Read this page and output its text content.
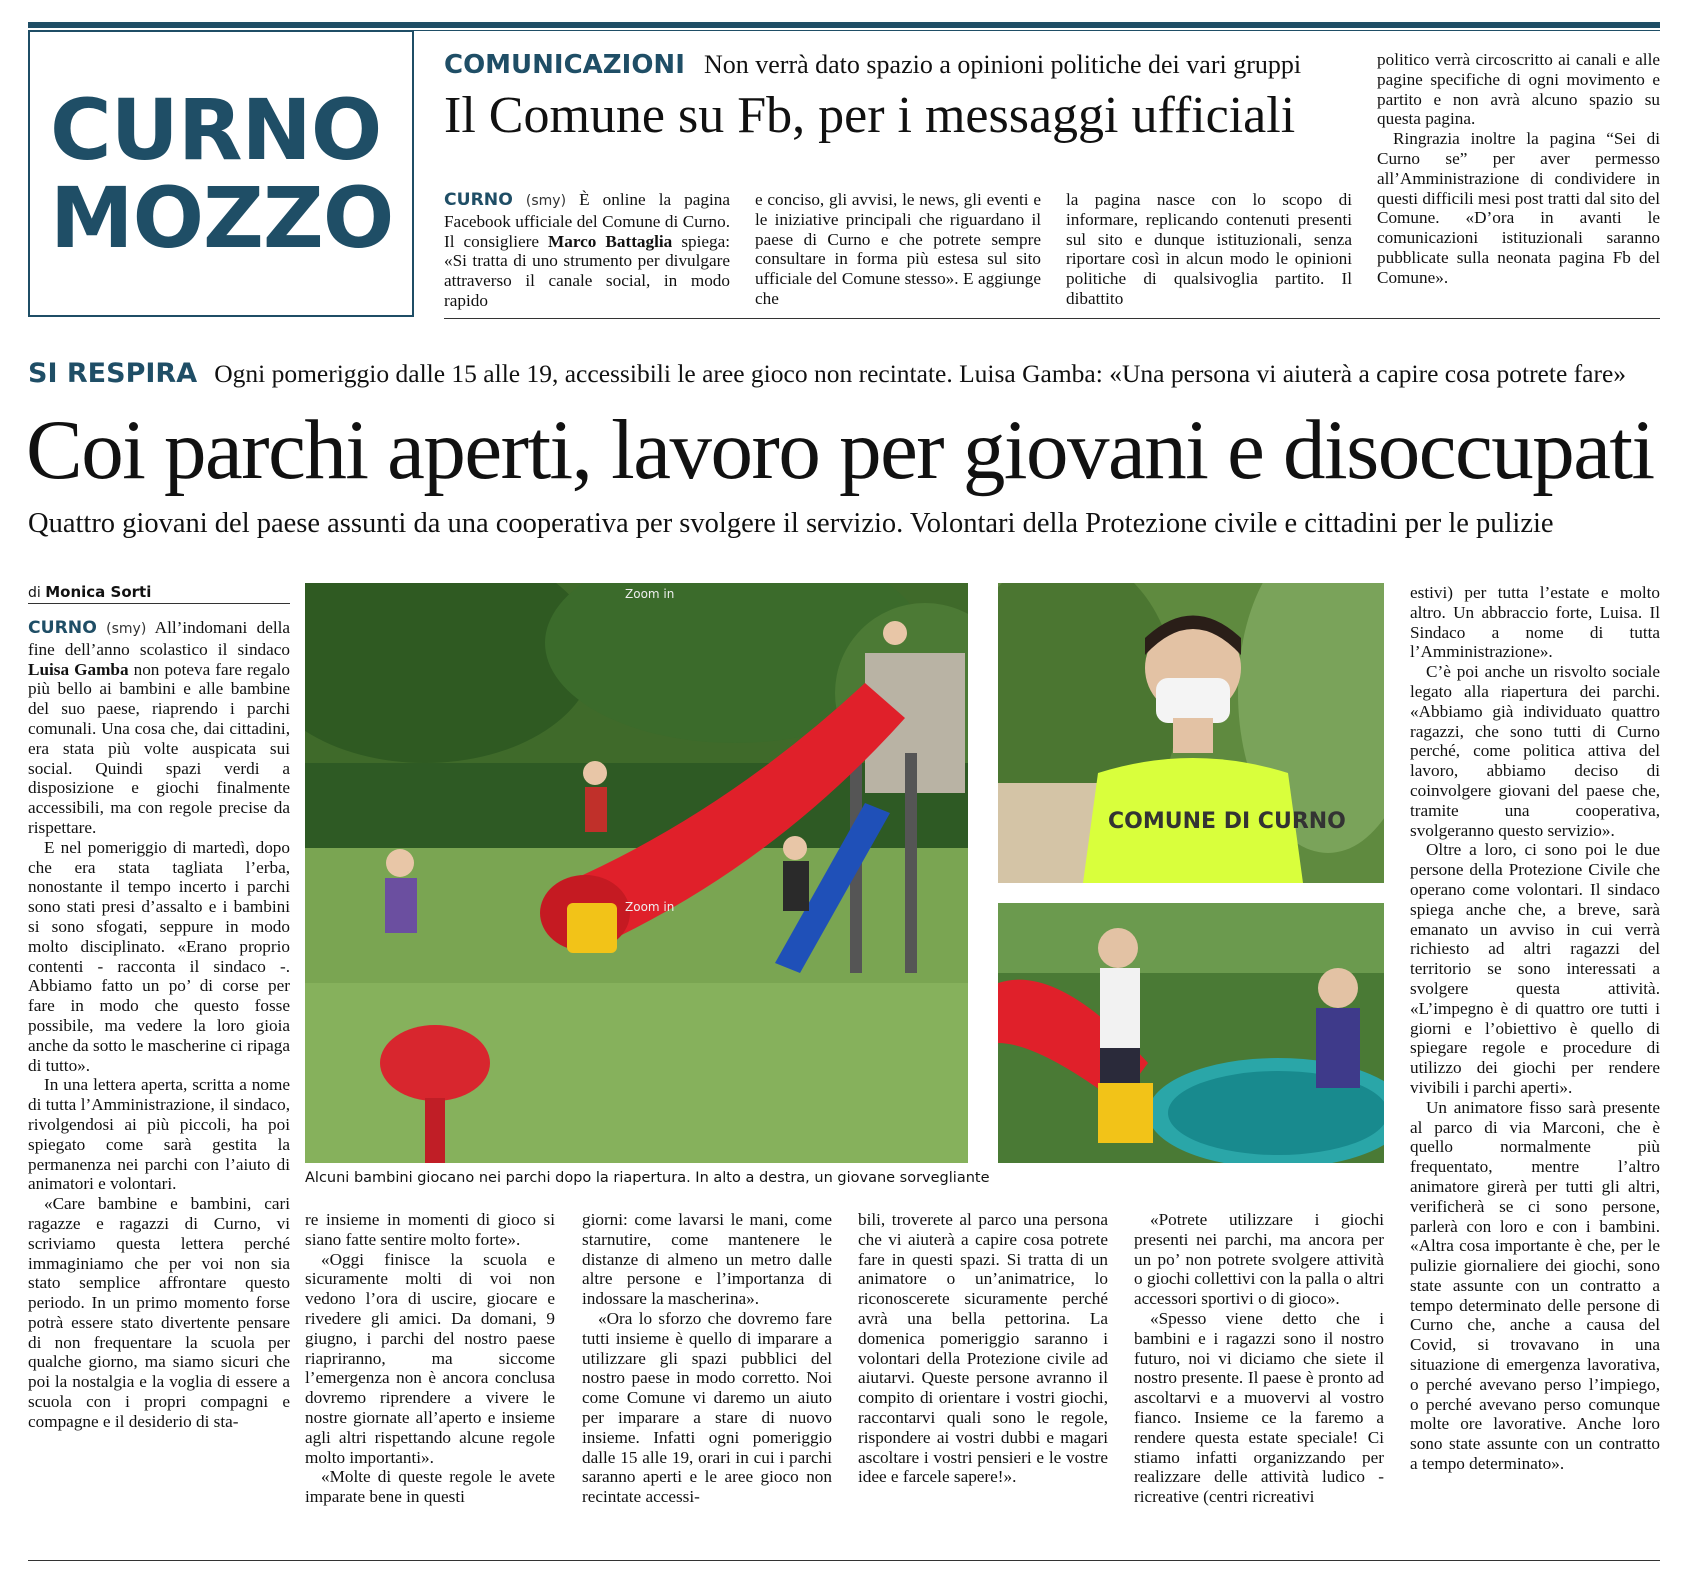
CURNO
MOZZO
COMUNICAZIONI Non verrà dato spazio a opinioni politiche dei vari gruppi
Il Comune su Fb, per i messaggi ufficiali

CURNO (smy) È online la pagina Facebook ufficiale del Comune di Curno. Il consigliere Marco Battaglia spiega: «Si tratta di uno strumento per divulgare attraverso il canale social, in modo rapido

e conciso, gli avvisi, le news, gli eventi e le iniziative principali che riguardano il paese di Curno e che potrete sempre consultare in forma più estesa sul sito ufficiale del Comune stesso». E aggiunge che

la pagina nasce con lo scopo di informare, replicando contenuti presenti sul sito e dunque istituzionali, senza riportare così in alcun modo le opinioni politiche di qualsivoglia partito. Il dibattito

politico verrà circoscritto ai canali e alle pagine specifiche di ogni movimento e partito e non avrà alcuno spazio su questa pagina.

Ringrazia inoltre la pagina “Sei di Curno se” per aver permesso all’Amministrazione di condividere in questi difficili mesi post tratti dal sito del Comune. «D’ora in avanti le comunicazioni istituzionali saranno pubblicate sulla neonata pagina Fb del Comune».

SI RESPIRA Ogni pomeriggio dalle 15 alle 19, accessibili le aree gioco non recintate. Luisa Gamba: «Una persona vi aiuterà a capire cosa potrete fare»
Coi parchi aperti, lavoro per giovani e disoccupati
Quattro giovani del paese assunti da una cooperativa per svolgere il servizio. Volontari della Protezione civile e cittadini per le pulizie
di Monica Sorti

CURNO (smy) All’indomani della fine dell’anno scolastico il sindaco Luisa Gamba non poteva fare regalo più bello ai bambini e alle bambine del suo paese, riaprendo i parchi comunali. Una cosa che, dai cittadini, era stata più volte auspicata sui social. Quindi spazi verdi a disposizione e giochi finalmente accessibili, ma con regole precise da rispettare.

E nel pomeriggio di martedì, dopo che era stata tagliata l’erba, nonostante il tempo incerto i parchi sono stati presi d’assalto e i bambini si sono sfogati, seppure in modo molto disciplinato. «Erano proprio contenti - racconta il sindaco -. Abbiamo fatto un po’ di corse per fare in modo che questo fosse possibile, ma vedere la loro gioia anche da sotto le mascherine ci ripaga di tutto».

In una lettera aperta, scritta a nome di tutta l’Amministrazione, il sindaco, rivolgendosi ai più piccoli, ha poi spiegato come sarà gestita la permanenza nei parchi con l’aiuto di animatori e volontari.

«Care bambine e bambini, cari ragazze e ragazzi di Curno, vi scriviamo questa lettera perché immaginiamo che per voi non sia stato semplice affrontare questo periodo. In un primo momento forse potrà essere stato divertente pensare di non frequentare la scuola per qualche giorno, ma siamo sicuri che poi la nostalgia e la voglia di essere a scuola con i propri compagni e compagne e il desiderio di sta-

Zoom in
Zoom in
Alcuni bambini giocano nei parchi dopo la riapertura. In alto a destra, un giovane sorvegliante
COMUNE DI CURNO

re insieme in momenti di gioco si siano fatte sentire molto forte».

«Oggi finisce la scuola e sicuramente molti di voi non vedono l’ora di uscire, giocare e rivedere gli amici. Da domani, 9 giugno, i parchi del nostro paese riapriranno, ma siccome l’emergenza non è ancora conclusa dovremo riprendere a vivere le nostre giornate all’aperto e insieme agli altri rispettando alcune regole molto importanti».

«Molte di queste regole le avete imparate bene in questi

giorni: come lavarsi le mani, come starnutire, come mantenere le distanze di almeno un metro dalle altre persone e l’importanza di indossare la mascherina».

«Ora lo sforzo che dovremo fare tutti insieme è quello di imparare a utilizzare gli spazi pubblici del nostro paese in modo corretto. Noi come Comune vi daremo un aiuto per imparare a stare di nuovo insieme. Infatti ogni pomeriggio dalle 15 alle 19, orari in cui i parchi saranno aperti e le aree gioco non recintate accessi-

bili, troverete al parco una persona che vi aiuterà a capire cosa potrete fare in questi spazi. Si tratta di un animatore o un’animatrice, lo riconoscerete sicuramente perché avrà una bella pettorina. La domenica pomeriggio saranno i volontari della Protezione civile ad aiutarvi. Queste persone avranno il compito di orientare i vostri giochi, raccontarvi quali sono le regole, rispondere ai vostri dubbi e magari ascoltare i vostri pensieri e le vostre idee e farcele sapere!».

«Potrete utilizzare i giochi presenti nei parchi, ma ancora per un po’ non potrete svolgere attività o giochi collettivi con la palla o altri accessori sportivi o di gioco».

«Spesso viene detto che i bambini e i ragazzi sono il nostro futuro, noi vi diciamo che siete il nostro presente. Il paese è pronto ad ascoltarvi e a muovervi al vostro fianco. Insieme ce la faremo a rendere questa estate speciale! Ci stiamo infatti organizzando per realizzare delle attività ludico - ricreative (centri ricreativi

estivi) per tutta l’estate e molto altro. Un abbraccio forte, Luisa. Il Sindaco a nome di tutta l’Amministrazione».

C’è poi anche un risvolto sociale legato alla riapertura dei parchi. «Abbiamo già individuato quattro ragazzi, che sono tutti di Curno perché, come politica attiva del lavoro, abbiamo deciso di coinvolgere giovani del paese che, tramite una cooperativa, svolgeranno questo servizio».

Oltre a loro, ci sono poi le due persone della Protezione Civile che operano come volontari. Il sindaco spiega anche che, a breve, sarà emanato un avviso in cui verrà richiesto ad altri ragazzi del territorio se sono interessati a svolgere questa attività. «L’impegno è di quattro ore tutti i giorni e l’obiettivo è quello di spiegare regole e procedure di utilizzo dei giochi per rendere vivibili i parchi aperti».

Un animatore fisso sarà presente al parco di via Marconi, che è quello normalmente più frequentato, mentre l’altro animatore girerà per tutti gli altri, verificherà se ci sono persone, parlerà con loro e con i bambini. «Altra cosa importante è che, per le pulizie giornaliere dei giochi, sono state assunte con un contratto a tempo determinato delle persone di Curno che, anche a causa del Covid, si trovavano in una situazione di emergenza lavorativa, o perché avevano perso l’impiego, o perché avevano perso comunque molte ore lavorative. Anche loro sono state assunte con un contratto a tempo determinato».
